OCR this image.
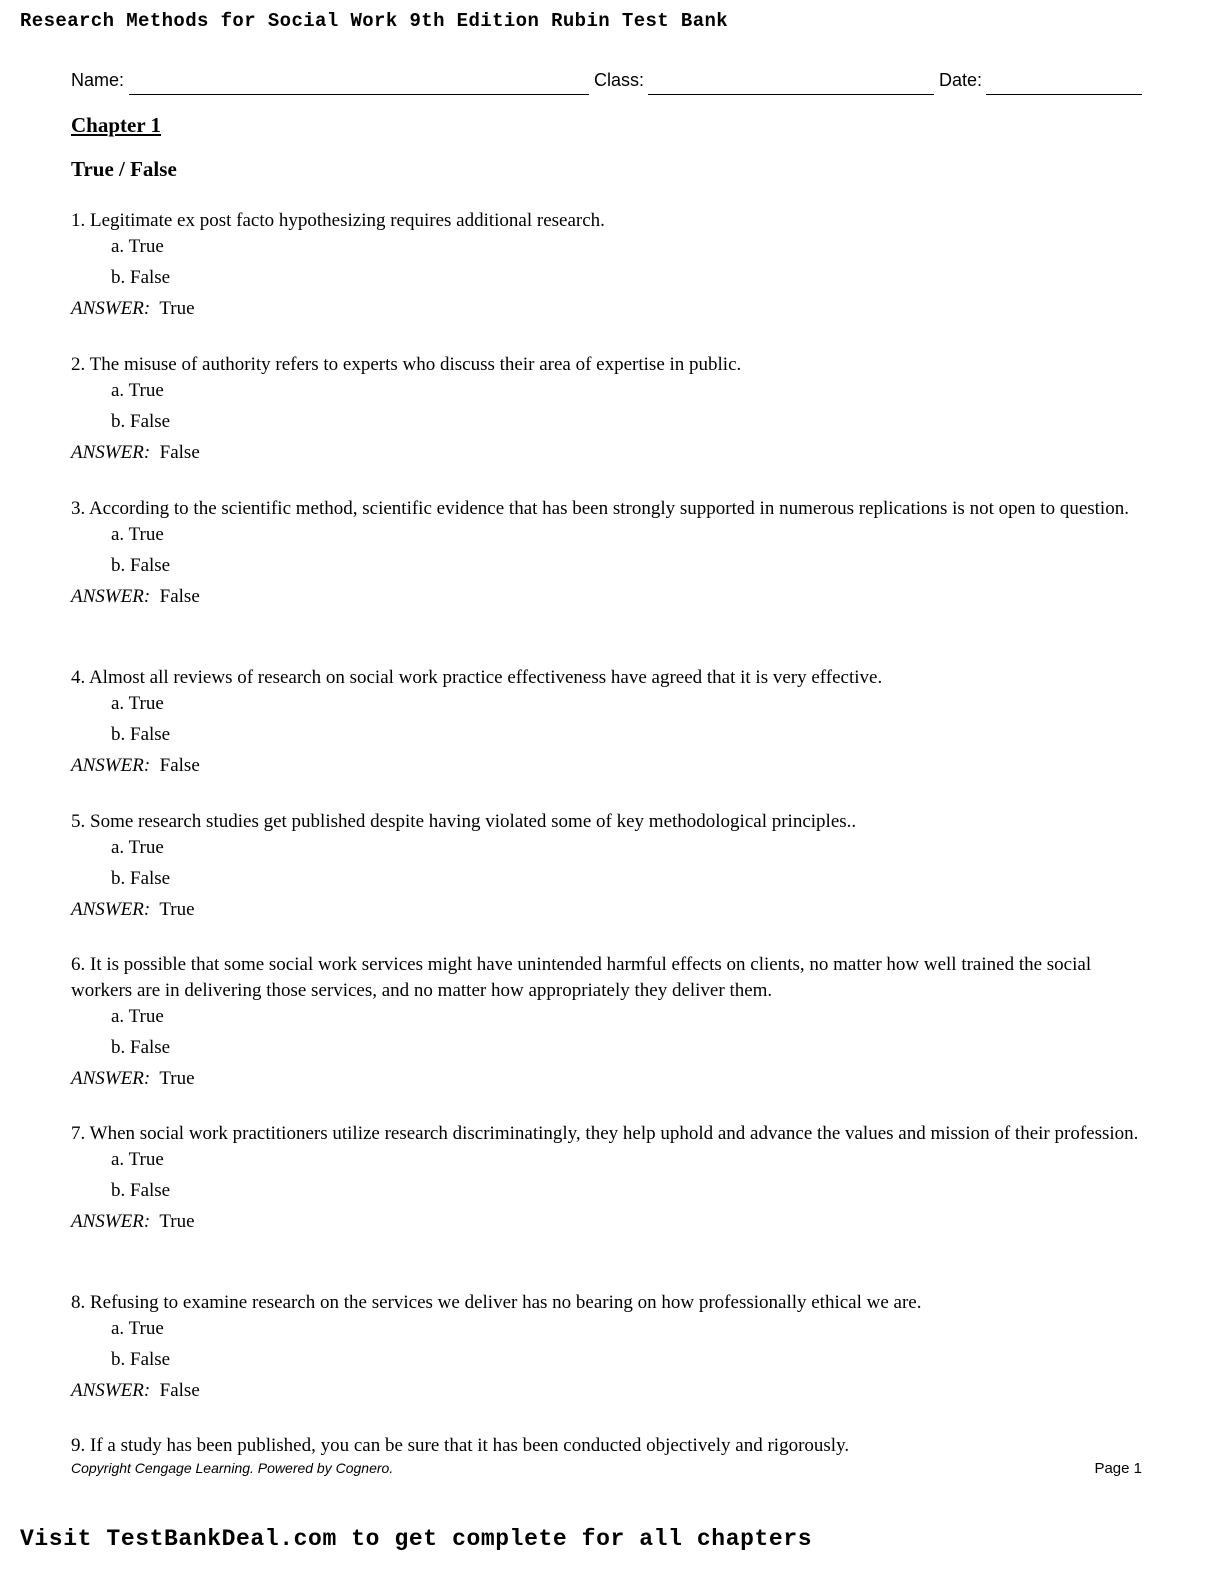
Research Methods for Social Work 9th Edition Rubin Test Bank
Name:	Class:	Date:
Chapter 1
True / False

1. Legitimate ex post facto hypothesizing requires additional research.

a. True

b. False

ANSWER: True

2. The misuse of authority refers to experts who discuss their area of expertise in public.

a. True

b. False

ANSWER: False

3. According to the scientific method, scientific evidence that has been strongly supported in numerous replications is not open to question.

a. True

b. False

ANSWER: False

4. Almost all reviews of research on social work practice effectiveness have agreed that it is very effective.

a. True

b. False

ANSWER: False

5. Some research studies get published despite having violated some of key methodological principles..

a. True

b. False

ANSWER: True

6. It is possible that some social work services might have unintended harmful effects on clients, no matter how well trained the social workers are in delivering those services, and no matter how appropriately they deliver them.

a. True

b. False

ANSWER: True

7. When social work practitioners utilize research discriminatingly, they help uphold and advance the values and mission of their profession.

a. True

b. False

ANSWER: True

8. Refusing to examine research on the services we deliver has no bearing on how professionally ethical we are.

a. True

b. False

ANSWER: False

9. If a study has been published, you can be sure that it has been conducted objectively and rigorously.

Copyright Cengage Learning. Powered by Cognero.	Page 1
Visit TestBankDeal.com to get complete for all chapters
